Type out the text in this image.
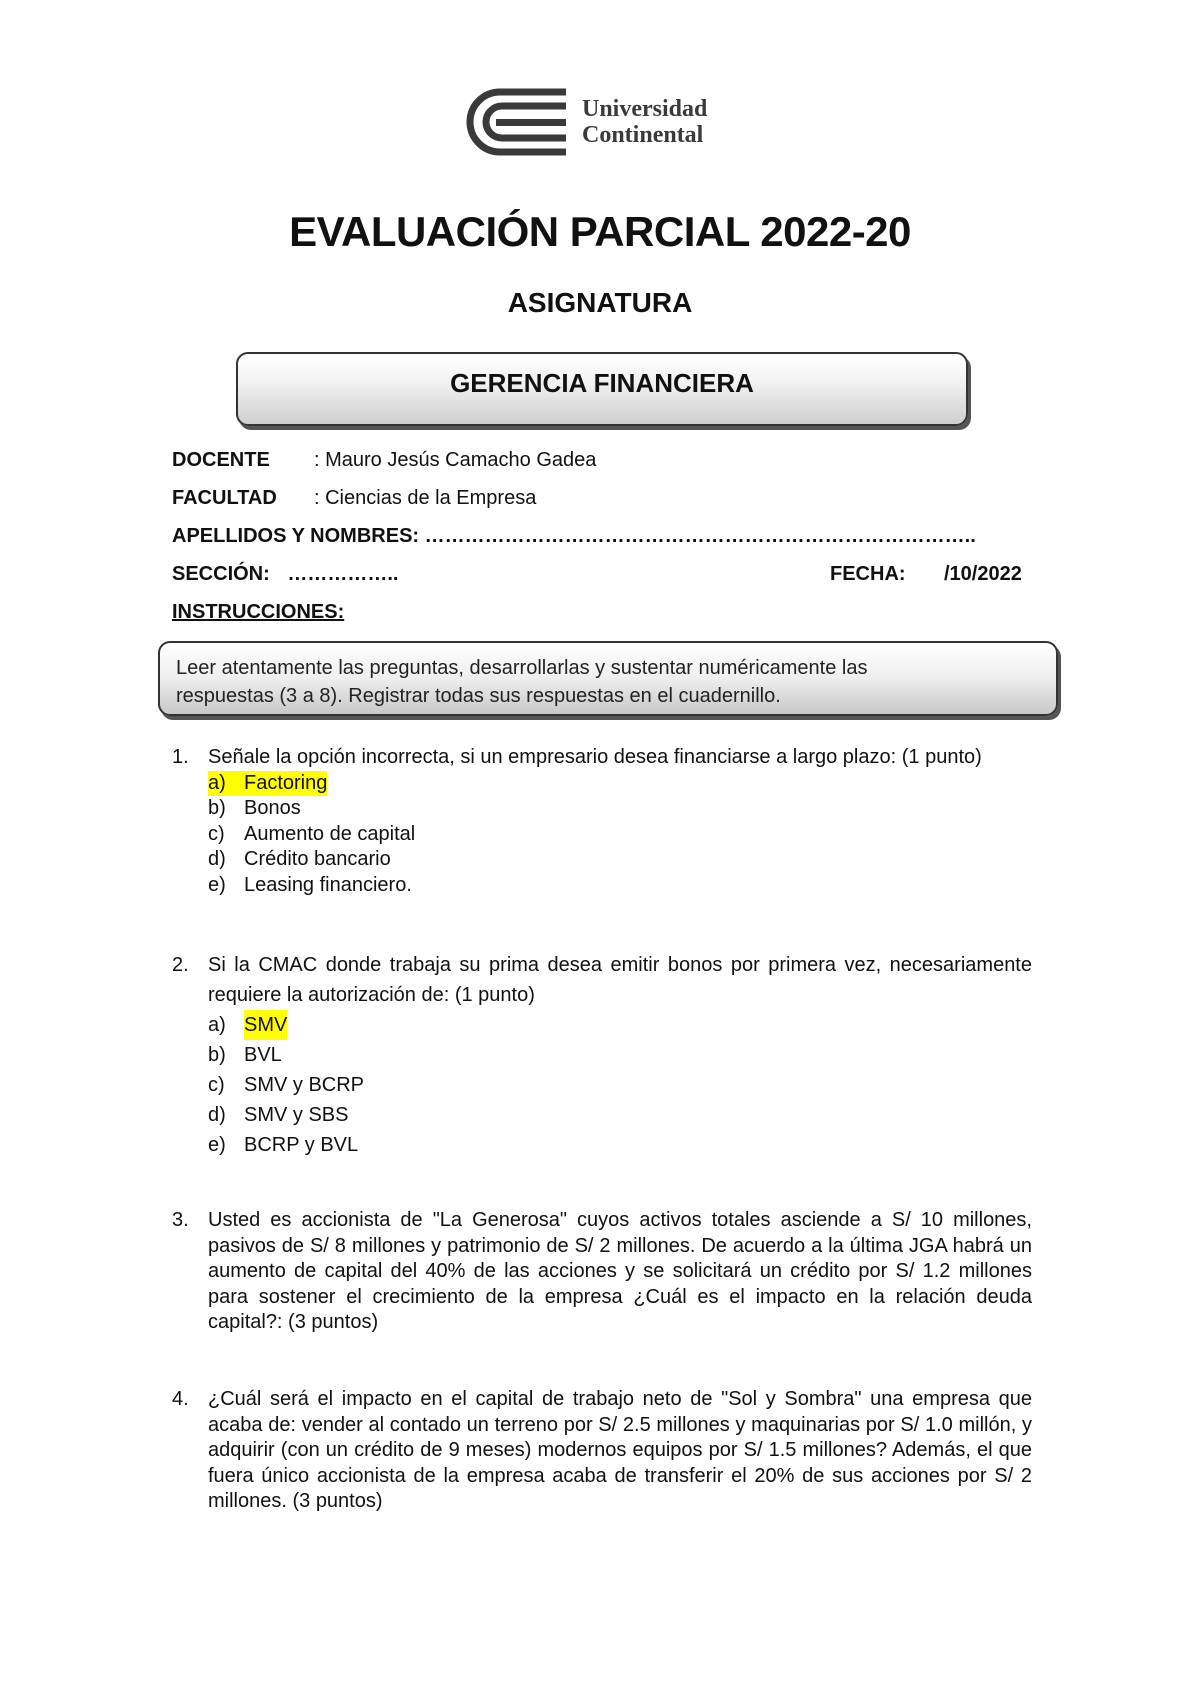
Universidad
Continental
EVALUACIÓN PARCIAL 2022-20
ASIGNATURA
GERENCIA FINANCIERA
DOCENTE : Mauro Jesús Camacho Gadea
FACULTAD : Ciencias de la Empresa
APELLIDOS Y NOMBRES: ………………………………………………………………………..
SECCIÓN: ……………..	FECHA: /10/2022
INSTRUCCIONES:
Leer atentamente las preguntas, desarrollarlas y sustentar numéricamente las
respuestas (3 a 8). Registrar todas sus respuestas en el cuadernillo.
1. Señale la opción incorrecta, si un empresario desea financiarse a largo plazo: (1 punto)
a) Factoring
b) Bonos
c) Aumento de capital
d) Crédito bancario
e) Leasing financiero.
2. Si la CMAC donde trabaja su prima desea emitir bonos por primera vez, necesariamente requiere la autorización de: (1 punto)
a) SMV
b) BVL
c) SMV y BCRP
d) SMV y SBS
e) BCRP y BVL
3. Usted es accionista de "La Generosa" cuyos activos totales asciende a S/ 10 millones, pasivos de S/ 8 millones y patrimonio de S/ 2 millones. De acuerdo a la última JGA habrá un aumento de capital del 40% de las acciones y se solicitará un crédito por S/ 1.2 millones para sostener el crecimiento de la empresa ¿Cuál es el impacto en la relación deuda capital?: (3 puntos)
4. ¿Cuál será el impacto en el capital de trabajo neto de "Sol y Sombra" una empresa que acaba de: vender al contado un terreno por S/ 2.5 millones y maquinarias por S/ 1.0 millón, y adquirir (con un crédito de 9 meses) modernos equipos por S/ 1.5 millones? Además, el que fuera único accionista de la empresa acaba de transferir el 20% de sus acciones por S/ 2 millones. (3 puntos)
